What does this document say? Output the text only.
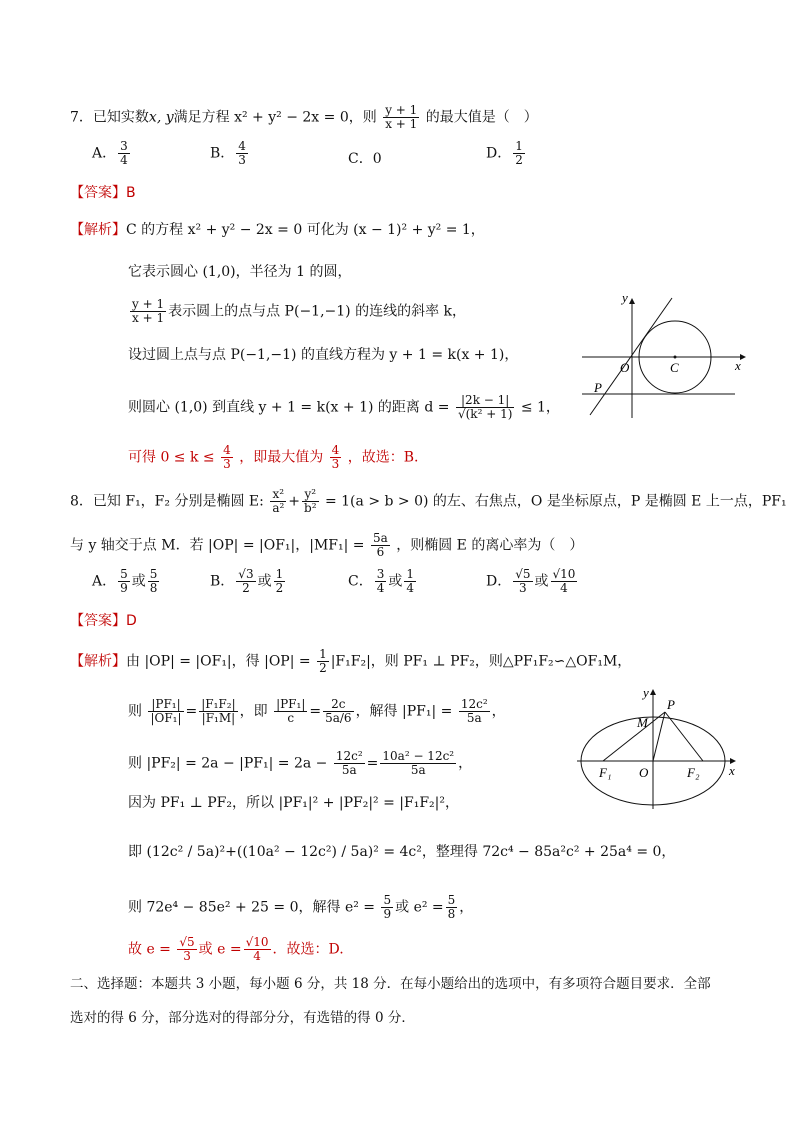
7．已知实数x, y满足方程 x² + y² − 2x = 0，则 $\frac{y + 1}{x + 1}$ 的最大值是（　）
A． $\frac{3}{4}$	B． $\frac{4}{3}$	C．0	D． $\frac{1}{2}$
【答案】B
【解析】C 的方程 x² + y² − 2x = 0 可化为 (x − 1)² + y² = 1，
它表示圆心 (1,0)，半径为 1 的圆，
$\frac{y + 1}{x + 1}$ 表示圆上的点与点 P(−1,−1) 的连线的斜率 k，
设过圆上点与点 P(−1,−1) 的直线方程为 y + 1 = k(x + 1)，
则圆心 (1,0) 到直线 y + 1 = k(x + 1) 的距离 $d = \frac{|2k - 1|}{\text{√(k² + 1)}} \le 1$，
可得 $0 \le k \le \frac{4}{3}$ ，即最大值为 $\frac{4}{3}$ ，故选：B.
y
x
O	C
P
8．已知 F₁，F₂ 分别是椭圆 E: $\frac{\text{x²}}{\text{a²}} + \frac{\text{y²}}{\text{b²}} = 1(a > b > 0)$ 的左、右焦点，O 是坐标原点，P 是椭圆 E 上一点，PF₁
与 y 轴交于点 M．若 |OP| = |OF₁|，$|MF_1| = \frac{5a}{6}$ ，则椭圆 E 的离心率为（　）
A． $\frac{5}{9}$ 或 $\frac{5}{8}$	B． $\frac{√3}{2}$ 或 $\frac{1}{2}$	C． $\frac{3}{4}$ 或 $\frac{1}{4}$	D． $\frac{√5}{3}$ 或 $\frac{√10}{4}$
【答案】D
【解析】由 |OP| = |OF₁|，得 $|OP| = \frac{1}{2} |F_1F_2|$，则 PF₁ ⊥ PF₂，则△PF₁F₂∽△OF₁M，
则 $\frac{\text{|PF₁|}}{\text{|OF₁|}} = \frac{\text{|F₁F₂|}}{\text{|F₁M|}}$ ，即 $\frac{\text{|PF₁|}}{c} = \frac{2c}{5a/6}$ ，解得 $|PF_1| = \frac{\text{12c²}}{5a}$ ，
则 $|PF_2| = 2a - |PF_1| = 2a - \frac{\text{12c²}}{5a} = \frac{\text{10a² − 12c²}}{5a}$ ，
因为 PF₁ ⊥ PF₂，所以 |PF₁|² + |PF₂|² = |F₁F₂|²，
即 (12c² / 5a)²+((10a² − 12c²) / 5a)² = 4c²，整理得 72c⁴ − 85a²c² + 25a⁴ = 0，
则 72e⁴ − 85e² + 25 = 0，解得 $e^2 = \frac{5}{9}$ 或 $e^2 = \frac{5}{8}$ ，
故 $e = \frac{√5}{3}$ 或 $e = \frac{√10}{4}$ ．故选：D.
y
P
M
F₁ O	F₂ x
二、选择题：本题共 3 小题，每小题 6 分，共 18 分．在每小题给出的选项中，有多项符合题目要求．全部
选对的得 6 分，部分选对的得部分分，有选错的得 0 分．
